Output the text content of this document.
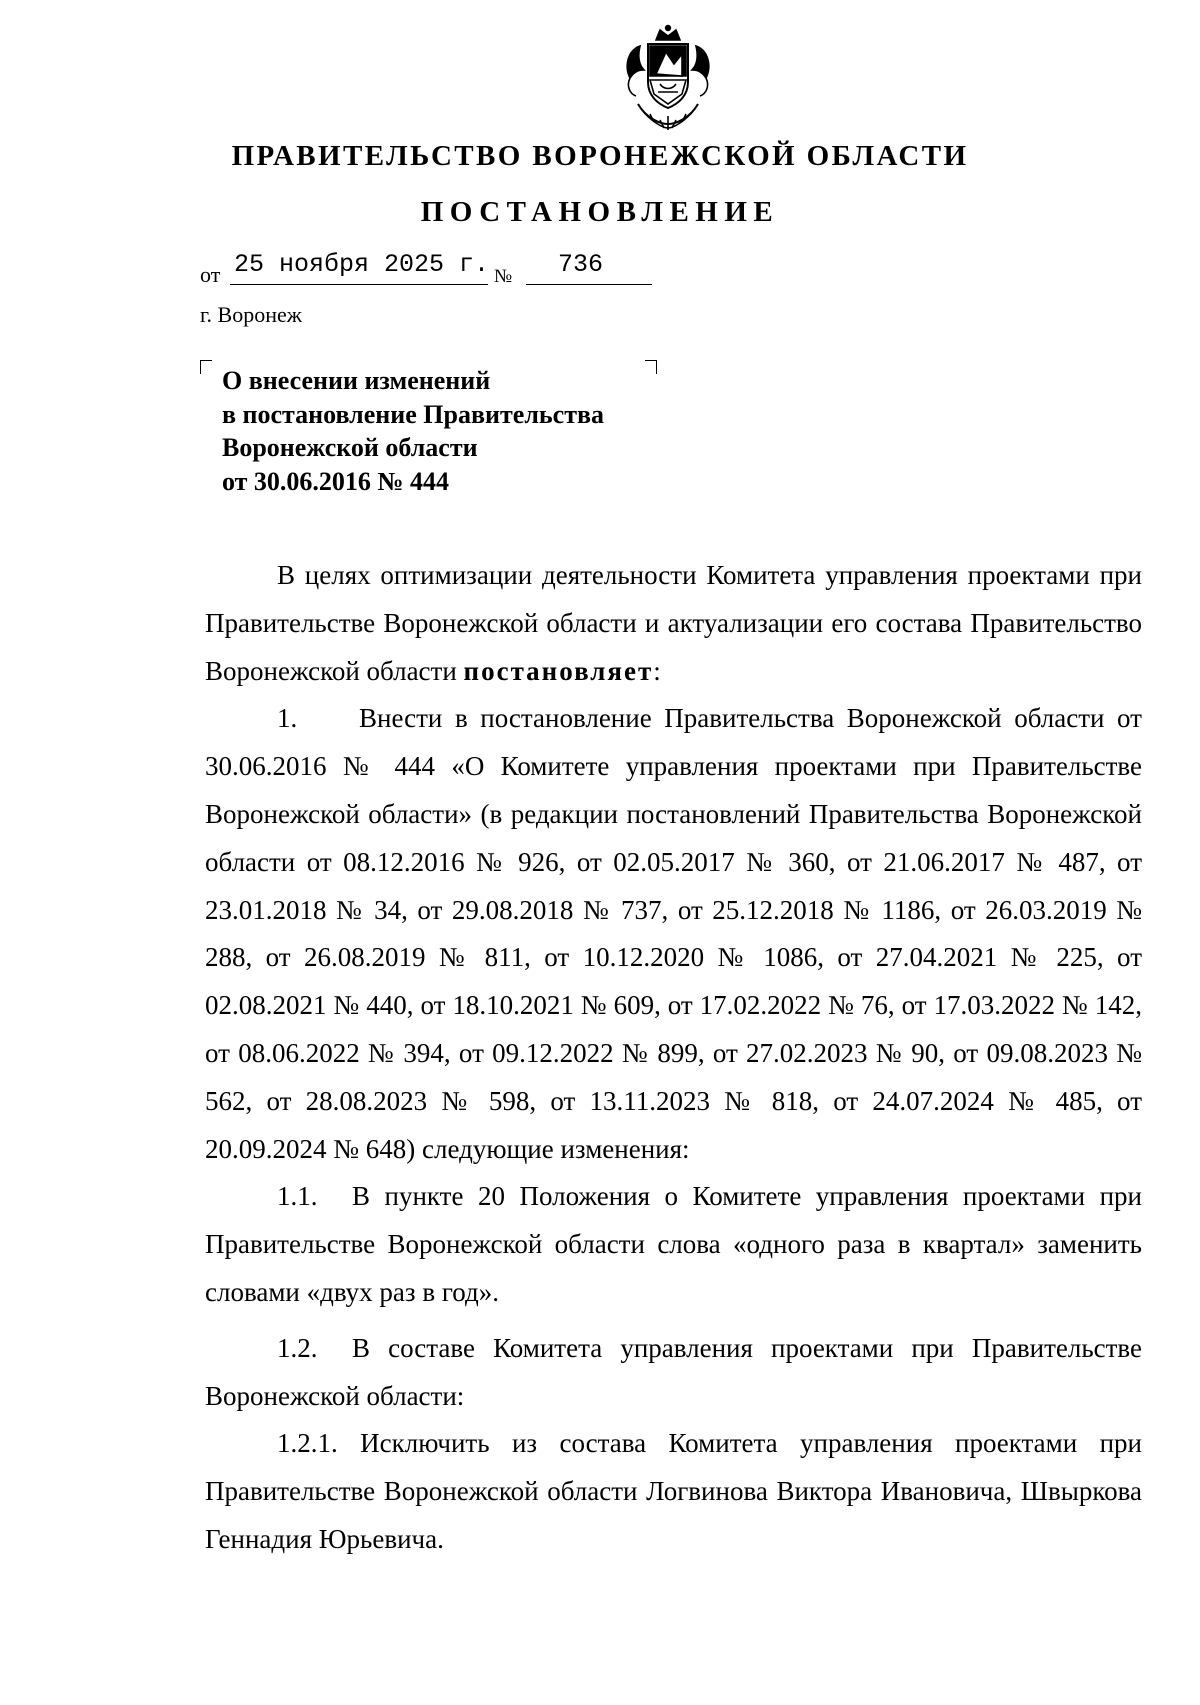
ПРАВИТЕЛЬСТВО ВОРОНЕЖСКОЙ ОБЛАСТИ
ПОСТАНОВЛЕНИЕ
от 25 ноября 2025 г. № 736
г. Воронеж
О внесении изменений
в постановление Правительства
Воронежской области
от 30.06.2016 № 444

В целях оптимизации деятельности Комитета управления проектами при Правительстве Воронежской области и актуализации его состава Правительство Воронежской области постановляет:

1. Внести в постановление Правительства Воронежской области от 30.06.2016 № 444 «О Комитете управления проектами при Правительстве Воронежской области» (в редакции постановлений Правительства Воронежской области от 08.12.2016 № 926, от 02.05.2017 № 360, от 21.06.2017 № 487, от 23.01.2018 № 34, от 29.08.2018 № 737, от 25.12.2018 № 1186, от 26.03.2019 № 288, от 26.08.2019 № 811, от 10.12.2020 № 1086, от 27.04.2021 № 225, от 02.08.2021 № 440, от 18.10.2021 № 609, от 17.02.2022 № 76, от 17.03.2022 № 142, от 08.06.2022 № 394, от 09.12.2022 № 899, от 27.02.2023 № 90, от 09.08.2023 № 562, от 28.08.2023 № 598, от 13.11.2023 № 818, от 24.07.2024 № 485, от 20.09.2024 № 648) следующие изменения:

1.1. В пункте 20 Положения о Комитете управления проектами при Правительстве Воронежской области слова «одного раза в квартал» заменить словами «двух раз в год».

1.2. В составе Комитета управления проектами при Правительстве Воронежской области:

1.2.1. Исключить из состава Комитета управления проектами при Правительстве Воронежской области Логвинова Виктора Ивановича, Швыркова Геннадия Юрьевича.
